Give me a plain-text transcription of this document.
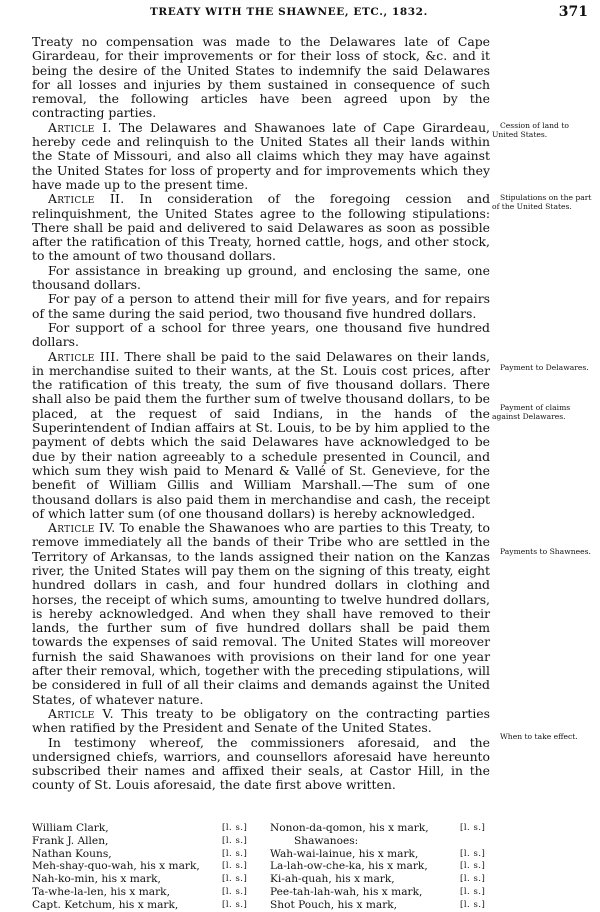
TREATY WITH THE SHAWNEE, ETC., 1832.	371

Treaty no compensation was made to the Delawares late of Cape Girardeau, for their improvements or for their loss of stock, &c. and it being the desire of the United States to indemnify the said Delawares for all losses and injuries by them sustained in consequence of such removal, the following articles have been agreed upon by the contracting parties.

Article I. The Delawares and Shawanoes late of Cape Girardeau, hereby cede and relinquish to the United States all their lands within the State of Missouri, and also all claims which they may have against the United States for loss of property and for improvements which they have made up to the present time.

Article II. In consideration of the foregoing cession and relinquishment, the United States agree to the following stipulations: There shall be paid and delivered to said Delawares as soon as possible after the ratification of this Treaty, horned cattle, hogs, and other stock, to the amount of two thousand dollars.

For assistance in breaking up ground, and enclosing the same, one thousand dollars.

For pay of a person to attend their mill for five years, and for repairs of the same during the said period, two thousand five hundred dollars.

For support of a school for three years, one thousand five hundred dollars.

Article III. There shall be paid to the said Delawares on their lands, in merchandise suited to their wants, at the St. Louis cost prices, after the ratification of this treaty, the sum of five thousand dollars. There shall also be paid them the further sum of twelve thousand dollars, to be placed, at the request of said Indians, in the hands of the Superintendent of Indian affairs at St. Louis, to be by him applied to the payment of debts which the said Delawares have acknowledged to be due by their nation agreeably to a schedule presented in Council, and which sum they wish paid to Menard & Vallé of St. Genevieve, for the benefit of William Gillis and William Marshall.—The sum of one thousand dollars is also paid them in merchandise and cash, the receipt of which latter sum (of one thousand dollars) is hereby acknowledged.

Article IV. To enable the Shawanoes who are parties to this Treaty, to remove immediately all the bands of their Tribe who are settled in the Territory of Arkansas, to the lands assigned their nation on the Kanzas river, the United States will pay them on the signing of this treaty, eight hundred dollars in cash, and four hundred dollars in clothing and horses, the receipt of which sums, amounting to twelve hundred dollars, is hereby acknowledged. And when they shall have removed to their lands, the further sum of five hundred dollars shall be paid them towards the expenses of said removal. The United States will moreover furnish the said Shawanoes with provisions on their land for one year after their removal, which, together with the preceding stipulations, will be considered in full of all their claims and demands against the United States, of whatever nature.

Article V. This treaty to be obligatory on the contracting parties when ratified by the President and Senate of the United States.

In testimony whereof, the commissioners aforesaid, and the undersigned chiefs, warriors, and counsellors aforesaid have hereunto subscribed their names and affixed their seals, at Castor Hill, in the county of St. Louis aforesaid, the date first above written.

Cession of land to United States.
Stipulations on the part of the United States.
Payment to Delawares.
Payment of claims against Delawares.
Payments to Shawnees.
When to take effect.
William Clark,
Frank J. Allen,
Nathan Kouns,
Meh-shay-quo-wah, his x mark,
Nah-ko-min, his x mark,
Ta-whe-la-len, his x mark,
Capt. Ketchum, his x mark,
[l. s.]
[l. s.]
[l. s.]
[l. s.]
[l. s.]
[l. s.]
[l. s.]
Nonon-da-qomon, his x mark,
Shawanoes:
Wah-wai-lainue, his x mark,
La-lah-ow-che-ka, his x mark,
Ki-ah-quah, his x mark,
Pee-tah-lah-wah, his x mark,
Shot Pouch, his x mark,
[l. s.]
[l. s.]
[l. s.]
[l. s.]
[l. s.]
[l. s.]
